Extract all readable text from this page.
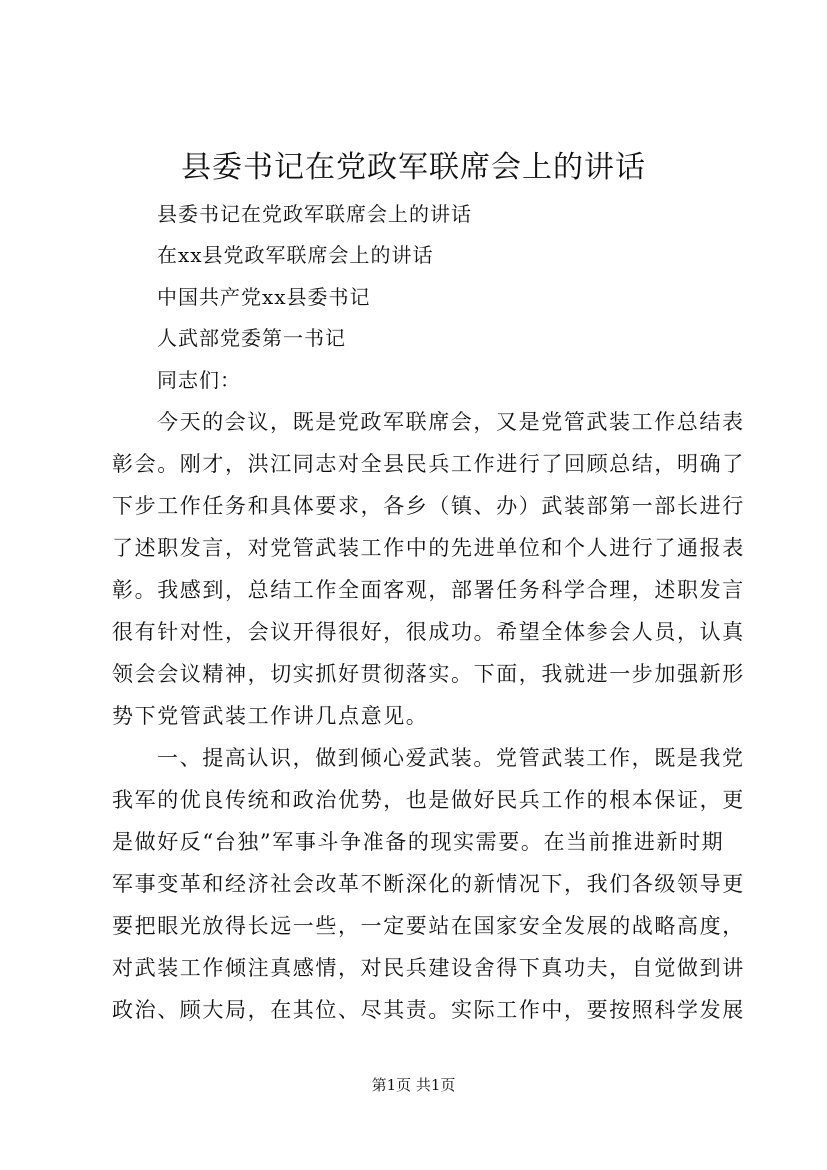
县委书记在党政军联席会上的讲话
县委书记在党政军联席会上的讲话
在xx县党政军联席会上的讲话
中国共产党xx县委书记
人武部党委第一书记
同志们：
今天的会议，既是党政军联席会，又是党管武装工作总结表
彰会。刚才，洪江同志对全县民兵工作进行了回顾总结，明确了
下步工作任务和具体要求，各乡（镇、办）武装部第一部长进行
了述职发言，对党管武装工作中的先进单位和个人进行了通报表
彰。我感到，总结工作全面客观，部署任务科学合理，述职发言
很有针对性，会议开得很好，很成功。希望全体参会人员，认真
领会会议精神，切实抓好贯彻落实。下面，我就进一步加强新形
势下党管武装工作讲几点意见。
一、提高认识，做到倾心爱武装。党管武装工作，既是我党
我军的优良传统和政治优势，也是做好民兵工作的根本保证，更
是做好反“台独”军事斗争准备的现实需要。在当前推进新时期
军事变革和经济社会改革不断深化的新情况下，我们各级领导更
要把眼光放得长远一些，一定要站在国家安全发展的战略高度，
对武装工作倾注真感情，对民兵建设舍得下真功夫，自觉做到讲
政治、顾大局，在其位、尽其责。实际工作中，要按照科学发展
第1页 共1页
